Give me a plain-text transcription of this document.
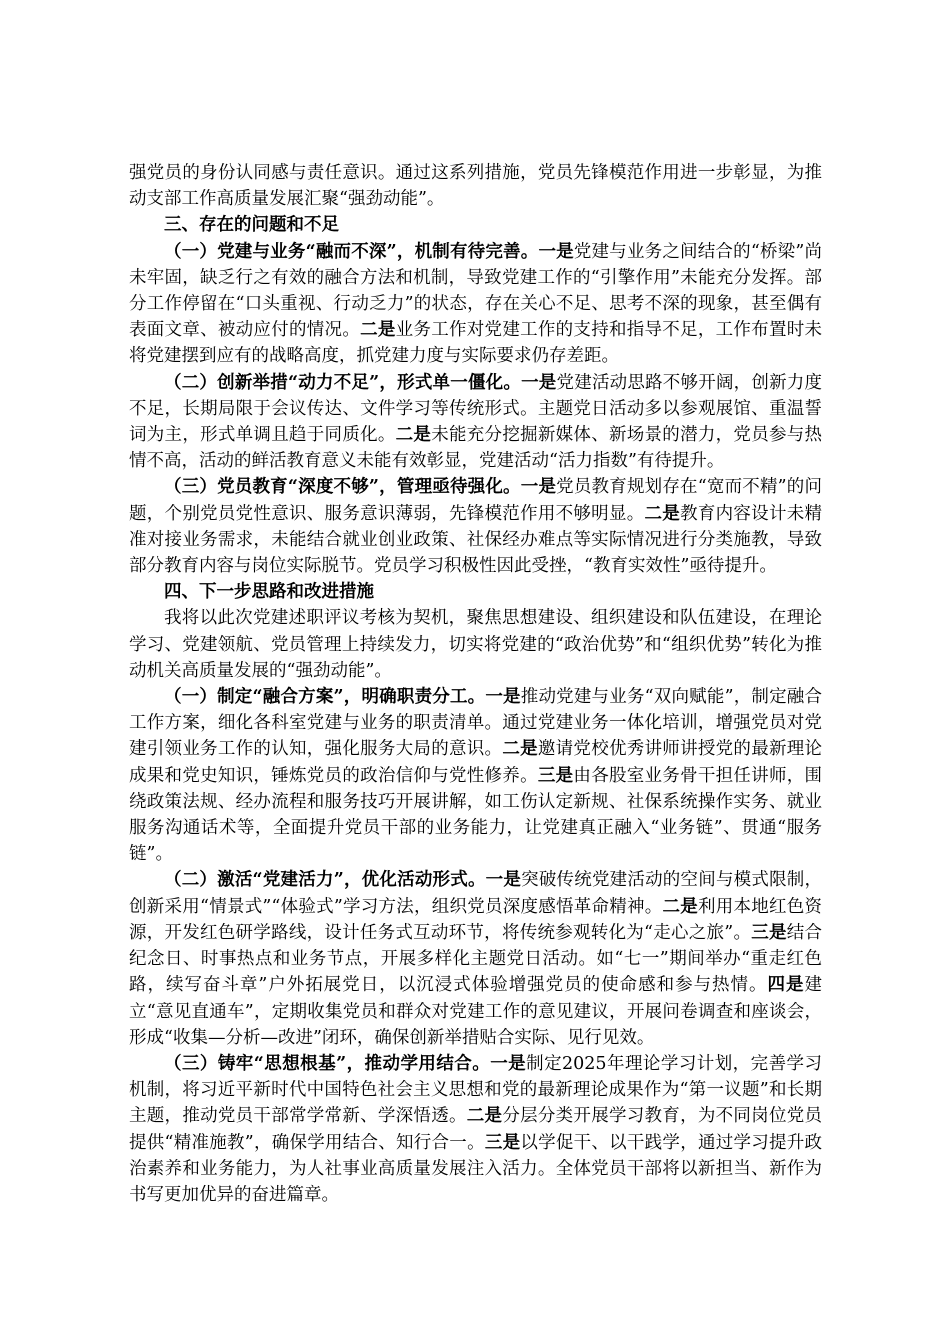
强党员的身份认同感与责任意识。通过这系列措施，党员先锋模范作用进一步彰显，为推动支部工作高质量发展汇聚“强劲动能”。

三、存在的问题和不足

（一）党建与业务“融而不深”，机制有待完善。一是党建与业务之间结合的“桥梁”尚未牢固，缺乏行之有效的融合方法和机制，导致党建工作的“引擎作用”未能充分发挥。部分工作停留在“口头重视、行动乏力”的状态，存在关心不足、思考不深的现象，甚至偶有表面文章、被动应付的情况。二是业务工作对党建工作的支持和指导不足，工作布置时未将党建摆到应有的战略高度，抓党建力度与实际要求仍存差距。

（二）创新举措“动力不足”，形式单一僵化。一是党建活动思路不够开阔，创新力度不足，长期局限于会议传达、文件学习等传统形式。主题党日活动多以参观展馆、重温誓词为主，形式单调且趋于同质化。二是未能充分挖掘新媒体、新场景的潜力，党员参与热情不高，活动的鲜活教育意义未能有效彰显，党建活动“活力指数”有待提升。

（三）党员教育“深度不够”，管理亟待强化。一是党员教育规划存在“宽而不精”的问题，个别党员党性意识、服务意识薄弱，先锋模范作用不够明显。二是教育内容设计未精准对接业务需求，未能结合就业创业政策、社保经办难点等实际情况进行分类施教，导致部分教育内容与岗位实际脱节。党员学习积极性因此受挫，“教育实效性”亟待提升。

四、下一步思路和改进措施

我将以此次党建述职评议考核为契机，聚焦思想建设、组织建设和队伍建设，在理论学习、党建领航、党员管理上持续发力，切实将党建的“政治优势”和“组织优势”转化为推动机关高质量发展的“强劲动能”。

（一）制定“融合方案”，明确职责分工。一是推动党建与业务“双向赋能”，制定融合工作方案，细化各科室党建与业务的职责清单。通过党建业务一体化培训，增强党员对党建引领业务工作的认知，强化服务大局的意识。二是邀请党校优秀讲师讲授党的最新理论成果和党史知识，锤炼党员的政治信仰与党性修养。三是由各股室业务骨干担任讲师，围绕政策法规、经办流程和服务技巧开展讲解，如工伤认定新规、社保系统操作实务、就业服务沟通话术等，全面提升党员干部的业务能力，让党建真正融入“业务链”、贯通“服务链”。

（二）激活“党建活力”，优化活动形式。一是突破传统党建活动的空间与模式限制，创新采用“情景式”“体验式”学习方法，组织党员深度感悟革命精神。二是利用本地红色资源，开发红色研学路线，设计任务式互动环节，将传统参观转化为“走心之旅”。三是结合纪念日、时事热点和业务节点，开展多样化主题党日活动。如“七一”期间举办“重走红色路，续写奋斗章”户外拓展党日，以沉浸式体验增强党员的使命感和参与热情。四是建立“意见直通车”，定期收集党员和群众对党建工作的意见建议，开展问卷调查和座谈会，形成“收集—分析—改进”闭环，确保创新举措贴合实际、见行见效。

（三）铸牢“思想根基”，推动学用结合。一是制定2025年理论学习计划，完善学习机制，将习近平新时代中国特色社会主义思想和党的最新理论成果作为“第一议题”和长期主题，推动党员干部常学常新、学深悟透。二是分层分类开展学习教育，为不同岗位党员提供“精准施教”，确保学用结合、知行合一。三是以学促干、以干践学，通过学习提升政治素养和业务能力，为人社事业高质量发展注入活力。全体党员干部将以新担当、新作为书写更加优异的奋进篇章。
